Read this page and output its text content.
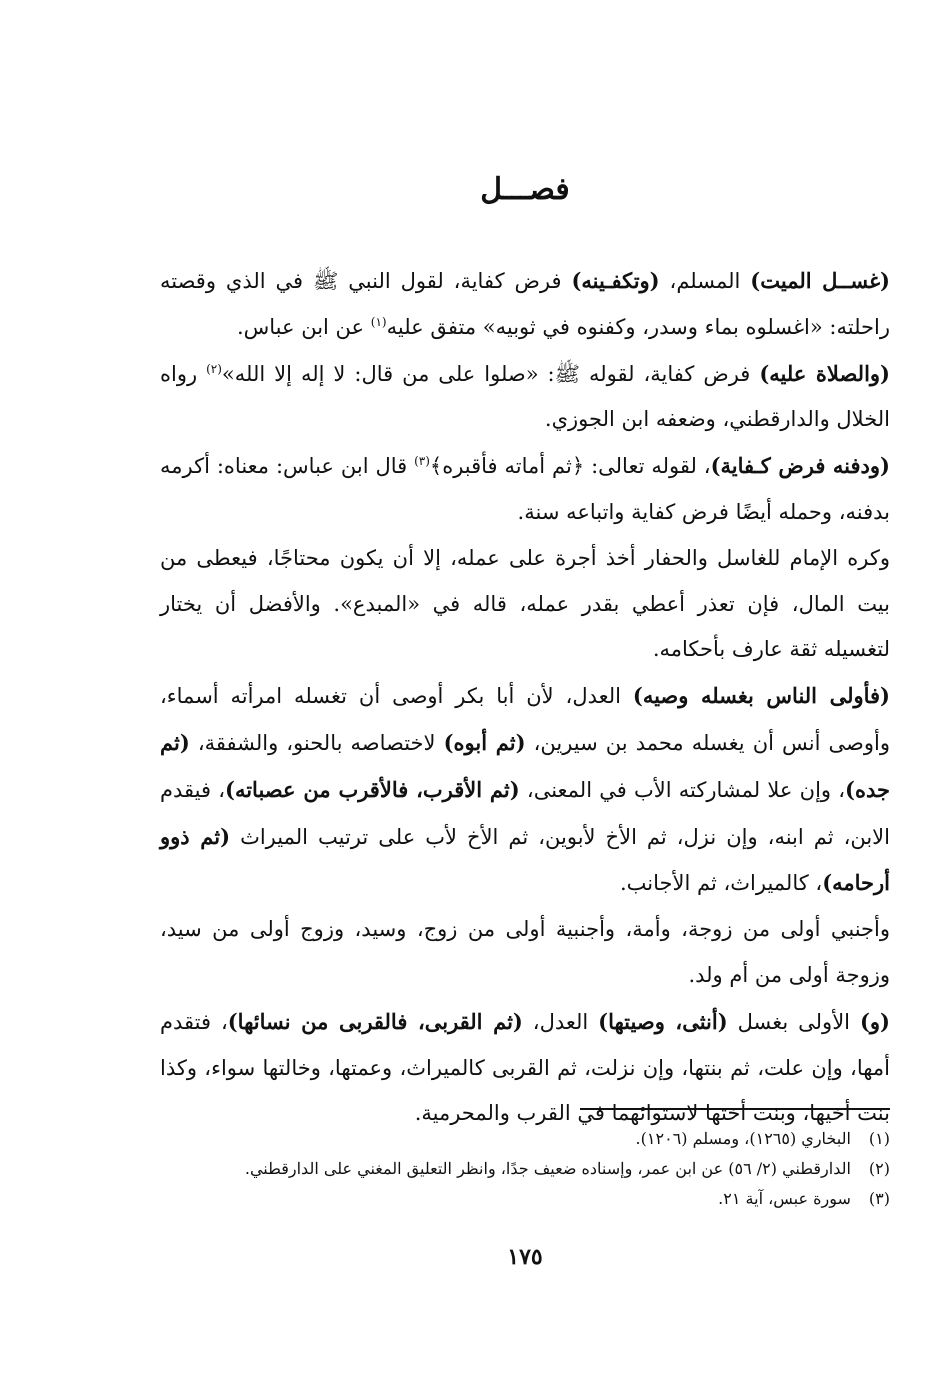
فصـــل

(غســل الميت) المسلم، (وتكفـينه) فرض كفاية، لقول النبي ﷺ في الذي وقصته راحلته: «اغسلوه بماء وسدر، وكفنوه في ثوبيه» متفق عليه$^{(١)}$ عن ابن عباس.

(والصلاة عليه) فرض كفاية، لقوله ﷺ: «صلوا على من قال: لا إله إلا الله»$^{(٢)}$ رواه الخلال والدارقطني، وضعفه ابن الجوزي.

(ودفنه فرض كـفاية)، لقوله تعالى: ﴿ثم أماته فأقبره﴾$^{(٣)}$ قال ابن عباس: معناه: أكرمه بدفنه، وحمله أيضًا فرض كفاية واتباعه سنة.

وكره الإمام للغاسل والحفار أخذ أجرة على عمله، إلا أن يكون محتاجًا، فيعطى من بيت المال، فإن تعذر أعطي بقدر عمله، قاله في «المبدع». والأفضل أن يختار لتغسيله ثقة عارف بأحكامه.

(فأولى الناس بغسله وصيه) العدل، لأن أبا بكر أوصى أن تغسله امرأته أسماء، وأوصى أنس أن يغسله محمد بن سيرين، (ثم أبوه) لاختصاصه بالحنو، والشفقة، (ثم جده)، وإن علا لمشاركته الأب في المعنى، (ثم الأقرب، فالأقرب من عصباته)، فيقدم الابن، ثم ابنه، وإن نزل، ثم الأخ لأبوين، ثم الأخ لأب على ترتيب الميراث (ثم ذوو أرحامه)، كالميراث، ثم الأجانب.

وأجنبي أولى من زوجة، وأمة، وأجنبية أولى من زوج، وسيد، وزوج أولى من سيد، وزوجة أولى من أم ولد.

(و) الأولى بغسل (أنثى، وصيتها) العدل، (ثم القربى، فالقربى من نسائها)، فتقدم أمها، وإن علت، ثم بنتها، وإن نزلت، ثم القربى كالميراث، وعمتها، وخالتها سواء، وكذا بنت أخيها، وبنت أختها لاستوائهما في القرب والمحرمية.

(١)
البخاري (١٢٦٥)، ومسلم (١٢٠٦).
(٢)
الدارقطني (٢/ ٥٦) عن ابن عمر، وإسناده ضعيف جدًا، وانظر التعليق المغني على الدارقطني.
(٣)
سورة عبس، آية ٢١.
١٧٥
